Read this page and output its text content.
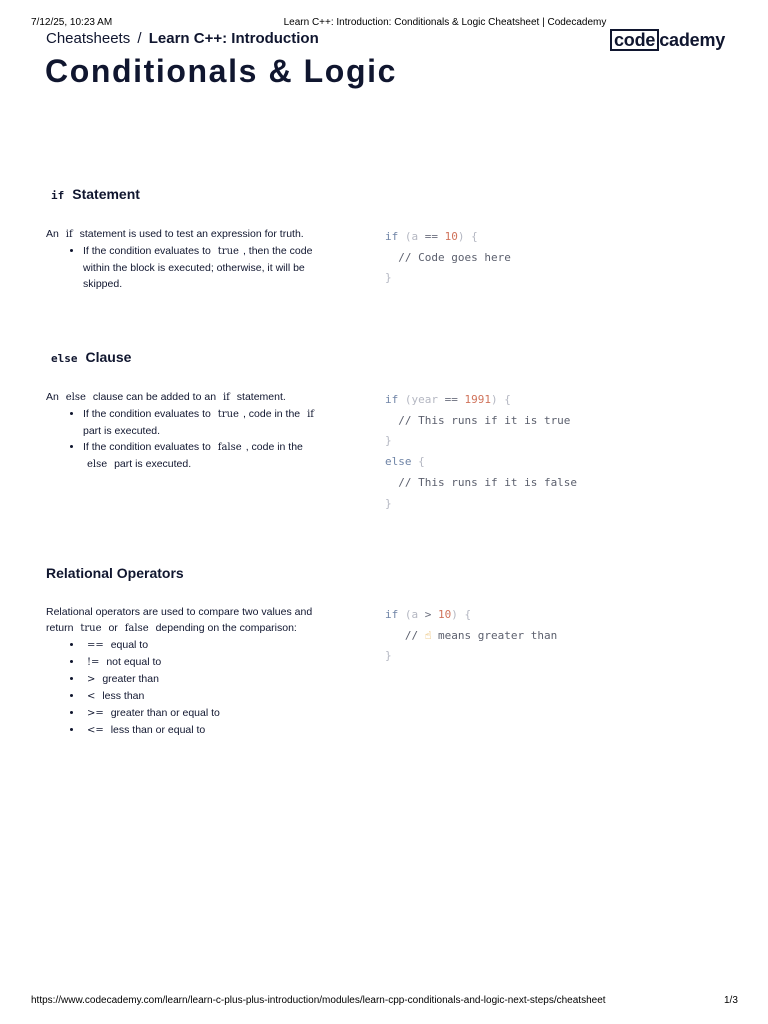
7/12/25, 10:23 AM	Learn C++: Introduction: Conditionals & Logic Cheatsheet | Codecademy
Cheatsheets / Learn C++: Introduction	code cademy
Conditionals & Logic
if Statement
An if statement is used to test an expression for truth.
• If the condition evaluates to true , then the code within the block is executed; otherwise, it will be skipped.
if (a == 10) {
// Code goes here
}
else Clause
An else clause can be added to an if statement.
• If the condition evaluates to true , code in the if part is executed.
• If the condition evaluates to false , code in the else part is executed.
if (year == 1991) {
// This runs if it is true
}
else {
// This runs if it is false
}
Relational Operators
Relational operators are used to compare two values and
return true or false depending on the comparison:
• == equal to
• != not equal to
• > greater than
• < less than
• >= greater than or equal to
• <= less than or equal to
if (a > 10) {
// ☝ means greater than
}
https://www.codecademy.com/learn/learn-c-plus-plus-introduction/modules/learn-cpp-conditionals-and-logic-next-steps/cheatsheet	1/3
